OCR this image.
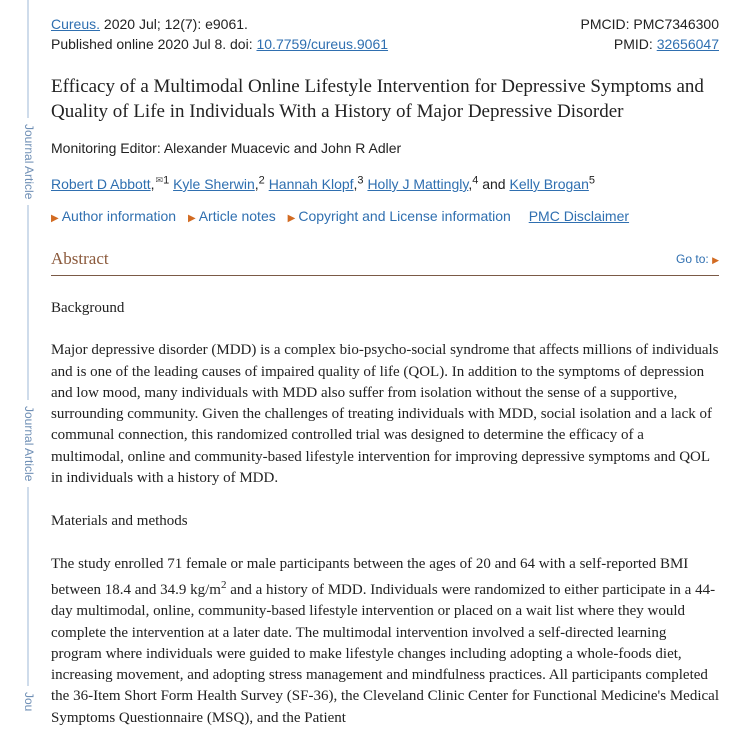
Journal Article
Journal Article
Jou
Cureus. 2020 Jul; 12(7): e9061.
Published online 2020 Jul 8. doi: 10.7759/cureus.9061
PMCID: PMC7346300
PMID: 32656047
Efficacy of a Multimodal Online Lifestyle Intervention for Depressive Symptoms and Quality of Life in Individuals With a History of Major Depressive Disorder
Monitoring Editor: Alexander Muacevic and John R Adler
Robert D Abbott,$^{✉1}$ Kyle Sherwin,$^2$ Hannah Klopf,$^3$ Holly J Mattingly,$^4$ and Kelly Brogan$^5$
▶ Author information ▶ Article notes ▶ Copyright and License information PMC Disclaimer
Abstract	Go to: ▶
Background
Major depressive disorder (MDD) is a complex bio-psycho-social syndrome that affects millions of individuals and is one of the leading causes of impaired quality of life (QOL). In addition to the symptoms of depression and low mood, many individuals with MDD also suffer from isolation without the sense of a supportive, surrounding community. Given the challenges of treating individuals with MDD, social isolation and a lack of communal connection, this randomized controlled trial was designed to determine the efficacy of a multimodal, online and community-based lifestyle intervention for improving depressive symptoms and QOL in individuals with a history of MDD.
Materials and methods
The study enrolled 71 female or male participants between the ages of 20 and 64 with a self-reported BMI between 18.4 and 34.9 $kg/m^2$ and a history of MDD. Individuals were randomized to either participate in a 44-day multimodal, online, community-based lifestyle intervention or placed on a wait list where they would complete the intervention at a later date. The multimodal intervention involved a self-directed learning program where individuals were guided to make lifestyle changes including adopting a whole-foods diet, increasing movement, and adopting stress management and mindfulness practices. All participants completed the 36-Item Short Form Health Survey (SF-36), the Cleveland Clinic Center for Functional Medicine's Medical Symptoms Questionnaire (MSQ), and the Patient
